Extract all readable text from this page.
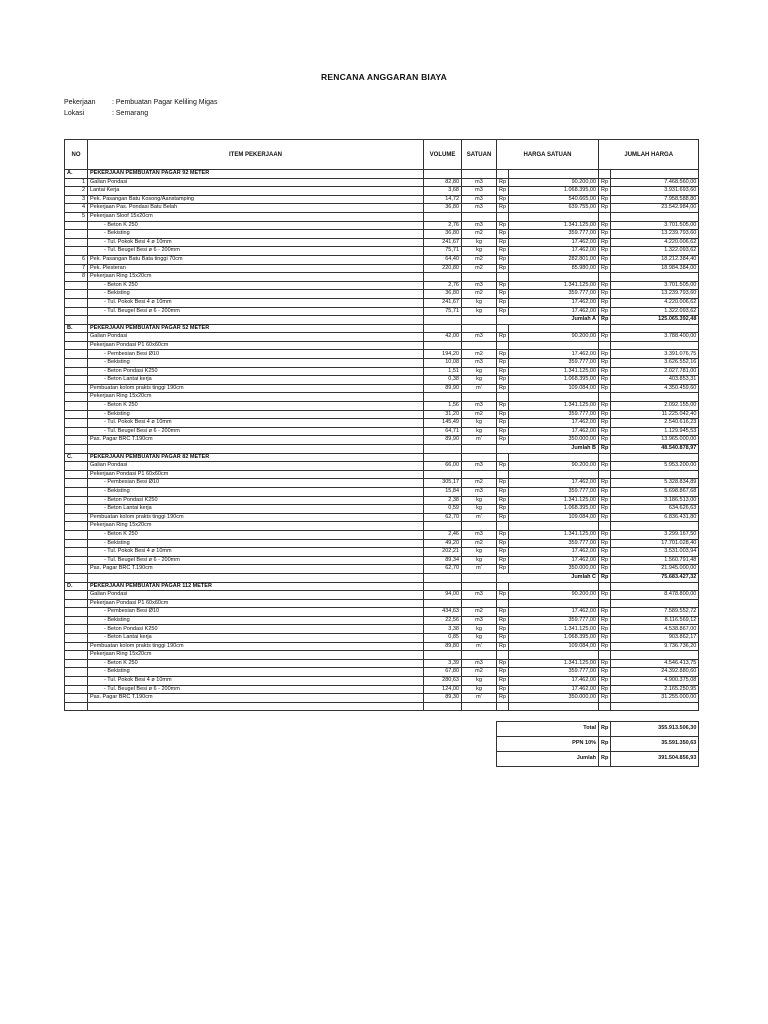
RENCANA ANGGARAN BIAYA
Pekerjaan : Pembuatan Pagar Keliling Migas
Lokasi	: Semarang
NO	ITEM PEKERJAAN	VOLUME	SATUAN	HARGA SATUAN		JUMLAH HARGA	
A.	PEKERJAAN PEMBUATAN PAGAR 92 METER						
1	Galian Pondasi	82,80	m3	Rp	90.200,00	Rp	7.468.560,00
2	Lantai Kerja	3,68	m3	Rp	1.068.395,00	Rp	3.931.693,60
3	Pek. Pasangan Batu Kosong/Aanstamping	14,72	m3	Rp	540.665,00	Rp	7.958.588,80
4	Pekerjaan Pas. Pondasi Batu Belah	36,80	m3	Rp	639.755,00	Rp	23.542.984,00
5	Pekerjaan Sloof 15x20cm						
	- Beton K 250	2,76	m3	Rp	1.341.125,00	Rp	3.701.505,00
	- Bekisting	36,80	m2	Rp	359.777,00	Rp	13.239.793,60
	- Tul. Pokok Besi 4 ø 10mm	241,67	kg	Rp	17.462,00	Rp	4.220.006,62
	- Tul. Beugel Besi ø 6 - 200mm	75,71	kg	Rp	17.462,00	Rp	1.322.093,62
6	Pek. Pasangan Batu Bata tinggi 70cm	64,40	m2	Rp	282.801,00	Rp	18.212.384,40
7	Pek. Plesteran	220,80	m2	Rp	85.980,00	Rp	18.984.384,00
8	Pekerjaan Ring 15x20cm						
	- Beton K 250	2,76	m3	Rp	1.341.125,00	Rp	3.701.505,00
	- Bekisting	36,80	m2	Rp	359.777,00	Rp	13.239.793,60
	- Tul. Pokok Besi 4 ø 10mm	241,67	kg	Rp	17.462,00	Rp	4.220.006,62
	- Tul. Beugel Besi ø 6 - 200mm	75,71	kg	Rp	17.462,00	Rp	1.322.093,62
				Jumlah A		Rp	125.065.392,48
B.	PEKERJAAN PEMBUATAN PAGAR 52 METER						
	Galian Pondasi	42,00	m3	Rp	90.200,00	Rp	3.788.400,00
	Pekerjaan Pondasi P1 60x60cm						
	- Pembesian Besi Ø10	194,20	m2	Rp	17.462,00	Rp	3.391.076,75
	- Bekisting	10,08	m3	Rp	359.777,00	Rp	3.626.552,16
	- Beton Pondasi K250	1,51	kg	Rp	1.341.125,00	Rp	2.027.781,00
	- Beton Lantai kerja	0,38	kg	Rp	1.068.395,00	Rp	403.853,31
	Pembuatan kolom prakts tinggi 190cm	89,90	m'	Rp	109.084,00	Rp	4.350.459,60
	Pekerjaan Ring 15x20cm						
	- Beton K 250	1,56	m3	Rp	1.341.125,00	Rp	2.092.155,00
	- Bekisting	31,20	m2	Rp	359.777,00	Rp	11.225.042,40
	- Tul. Pokok Besi 4 ø 10mm	145,49	kg	Rp	17.462,00	Rp	2.540.616,23
	- Tul. Beugel Besi ø 6 - 200mm	64,71	kg	Rp	17.462,00	Rp	1.129.945,53
	Pas. Pagar BRC T.190cm	89,90	m'	Rp	350.000,00	Rp	13.965.000,00
				Jumlah B		Rp	48.540.878,97
C.	PEKERJAAN PEMBUATAN PAGAR 82 METER						
	Galian Pondasi	66,00	m3	Rp	90.200,00	Rp	5.953.200,00
	Pekerjaan Pondasi P1 60x60cm						
	- Pembesian Besi Ø10	305,17	m2	Rp	17.462,00	Rp	5.328.834,89
	- Bekisting	15,84	m3	Rp	359.777,00	Rp	5.698.867,68
	- Beton Pondasi K250	2,38	kg	Rp	1.341.125,00	Rp	3.186.513,00
	- Beton Lantai kerja	0,59	kg	Rp	1.068.395,00	Rp	634.626,63
	Pembuatan kolom prakts tinggi 190cm	62,70	m'	Rp	109.084,00	Rp	6.836.431,80
	Pekerjaan Ring 15x20cm						
	- Beton K 250	2,46	m3	Rp	1.341.125,00	Rp	3.299.167,50
	- Bekisting	49,20	m2	Rp	359.777,00	Rp	17.701.028,40
	- Tul. Pokok Besi 4 ø 10mm	202,21	kg	Rp	17.462,00	Rp	3.531.003,94
	- Tul. Beugel Besi ø 6 - 200mm	89,34	kg	Rp	17.462,00	Rp	1.560.791,48
	Pas. Pagar BRC T.190cm	62,70	m'	Rp	350.000,00	Rp	21.945.000,00
				Jumlah C		Rp	75.683.427,32
D.	PEKERJAAN PEMBUATAN PAGAR 112 METER						
	Galian Pondasi	94,00	m3	Rp	90.200,00	Rp	8.478.800,00
	Pekerjaan Pondasi P1 60x60cm						
	- Pembesian Besi Ø10	434,63	m2	Rp	17.462,00	Rp	7.589.552,72
	- Bekisting	22,56	m3	Rp	359.777,00	Rp	8.116.569,12
	- Beton Pondasi K250	3,38	kg	Rp	1.341.125,00	Rp	4.538.867,00
	- Beton Lantai kerja	0,85	kg	Rp	1.068.395,00	Rp	903.862,17
	Pembuatan kolom prakts tinggi 190cm	89,80	m'	Rp	109.084,00	Rp	9.736.736,20
	Pekerjaan Ring 15x20cm						
	- Beton K 250	3,39	m3	Rp	1.341.125,00	Rp	4.546.413,75
	- Bekisting	67,80	m2	Rp	359.777,00	Rp	24.392.880,60
	- Tul. Pokok Besi 4 ø 10mm	280,63	kg	Rp	17.462,00	Rp	4.900.375,08
	- Tul. Beugel Besi ø 6 - 200mm	124,00	kg	Rp	17.462,00	Rp	2.165.250,95
	Pas. Pagar BRC T.190cm	89,30	m'	Rp	350.000,00	Rp	31.255.000,00

				Total		Rp	355.913.506,30
				PPN 10%		Rp	35.591.350,63
				Jumlah		Rp	391.504.856,93
